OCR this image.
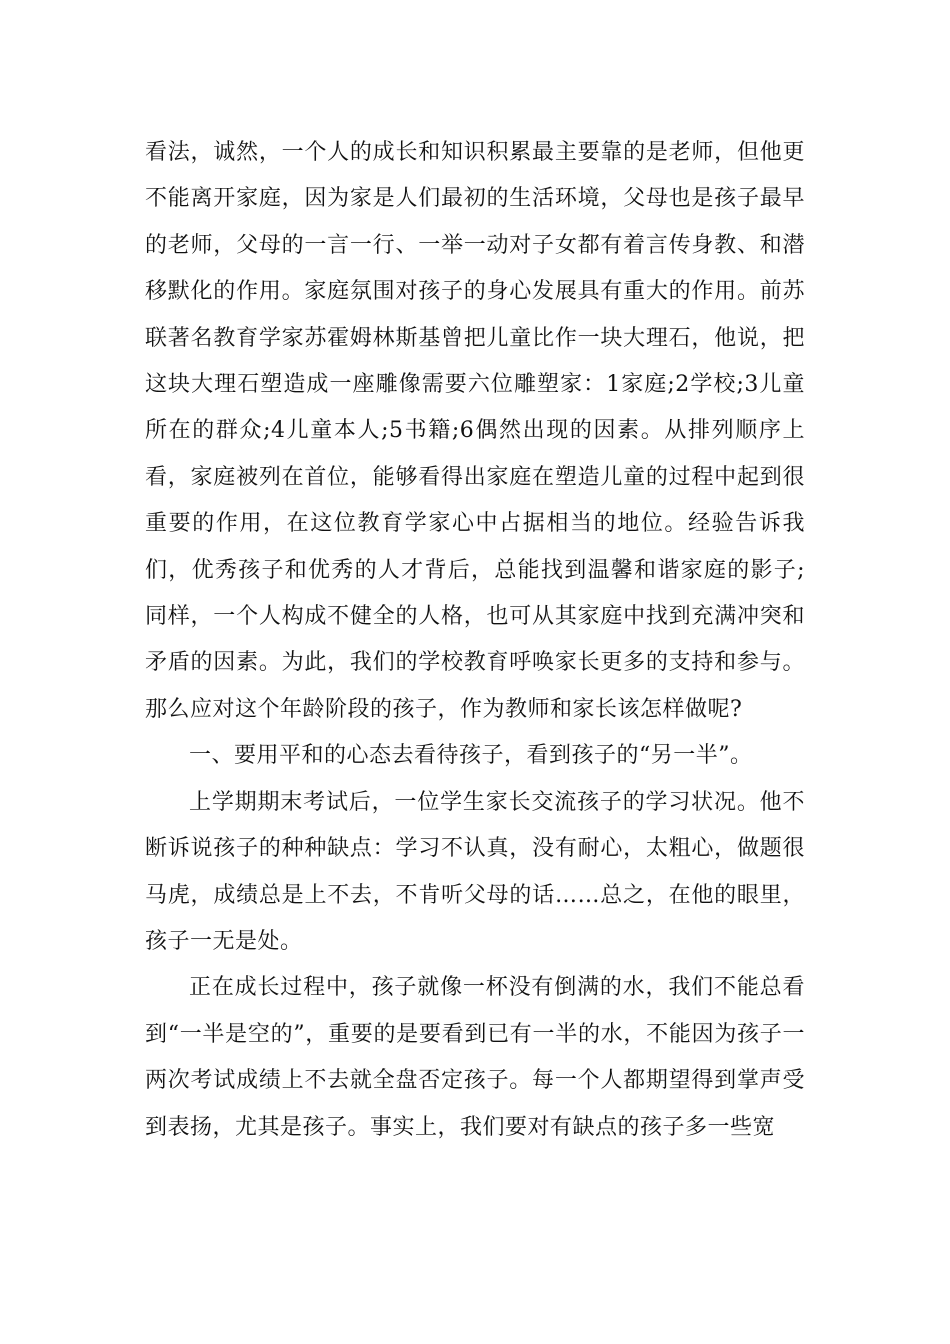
看法，诚然，一个人的成长和知识积累最主要靠的是老师，但他更不能离开家庭，因为家是人们最初的生活环境，父母也是孩子最早的老师，父母的一言一行、一举一动对子女都有着言传身教、和潜移默化的作用。家庭氛围对孩子的身心发展具有重大的作用。前苏联著名教育学家苏霍姆林斯基曾把儿童比作一块大理石，他说，把这块大理石塑造成一座雕像需要六位雕塑家：1家庭;2学校;3儿童所在的群众;4儿童本人;5书籍;6偶然出现的因素。从排列顺序上看，家庭被列在首位，能够看得出家庭在塑造儿童的过程中起到很重要的作用，在这位教育学家心中占据相当的地位。经验告诉我们，优秀孩子和优秀的人才背后，总能找到温馨和谐家庭的影子;同样，一个人构成不健全的人格，也可从其家庭中找到充满冲突和矛盾的因素。为此，我们的学校教育呼唤家长更多的支持和参与。那么应对这个年龄阶段的孩子，作为教师和家长该怎样做呢?

一、要用平和的心态去看待孩子，看到孩子的“另一半”。

上学期期末考试后，一位学生家长交流孩子的学习状况。他不断诉说孩子的种种缺点：学习不认真，没有耐心，太粗心，做题很马虎，成绩总是上不去，不肯听父母的话……总之，在他的眼里，孩子一无是处。

正在成长过程中，孩子就像一杯没有倒满的水，我们不能总看到“一半是空的”，重要的是要看到已有一半的水，不能因为孩子一两次考试成绩上不去就全盘否定孩子。每一个人都期望得到掌声受到表扬，尤其是孩子。事实上，我们要对有缺点的孩子多一些宽
